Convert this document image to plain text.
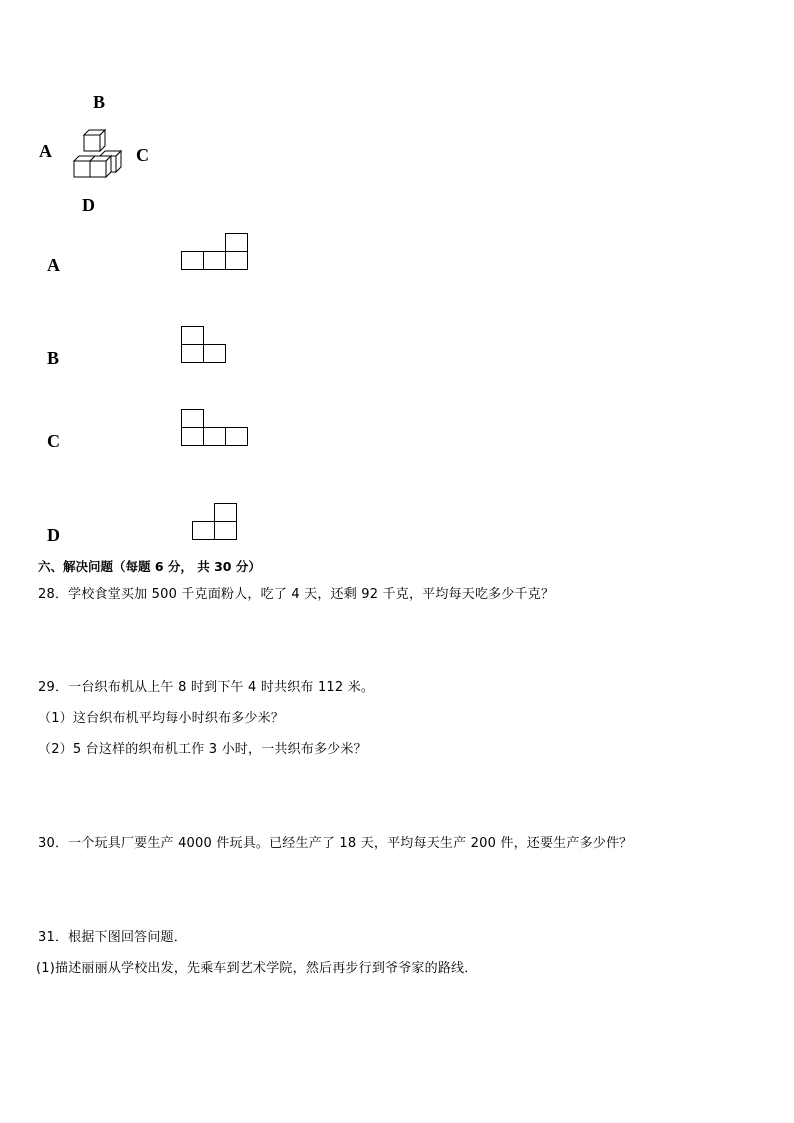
B
A	C
D
A
B
C
D
六、解决问题（每题 6 分， 共 30 分）
28．学校食堂买加 500 千克面粉人，吃了 4 天，还剩 92 千克，平均每天吃多少千克？
29．一台织布机从上午 8 时到下午 4 时共织布 112 米。
（1）这台织布机平均每小时织布多少米？
（2）5 台这样的织布机工作 3 小时，一共织布多少米？
30．一个玩具厂要生产 4000 件玩具。已经生产了 18 天，平均每天生产 200 件，还要生产多少件？
31．根据下图回答问题．
(1)描述丽丽从学校出发，先乘车到艺术学院，然后再步行到爷爷家的路线．
